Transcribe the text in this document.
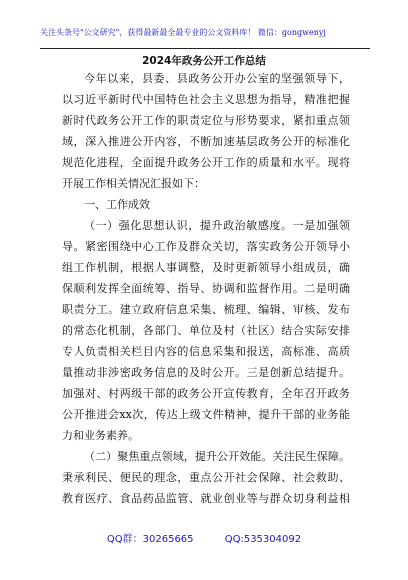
关注头条号"公文研究"，获得最新最全最专业的公文资料库！ 微信：gongwenyj
2024年政务公开工作总结
今年以来，县委、县政务公开办公室的坚强领导下，
以习近平新时代中国特色社会主义思想为指导，精准把握
新时代政务公开工作的职责定位与形势要求，紧扣重点领
域，深入推进公开内容，不断加速基层政务公开的标准化
规范化进程，全面提升政务公开工作的质量和水平。现将
开展工作相关情况汇报如下：
一、工作成效
（一）强化思想认识，提升政治敏感度。一是加强领
导。紧密围绕中心工作及群众关切，落实政务公开领导小
组工作机制，根据人事调整，及时更新领导小组成员，确
保顺利发挥全面统筹、指导、协调和监督作用。二是明确
职责分工。建立政府信息采集、梳理、编辑、审核、发布
的常态化机制，各部门、单位及村（社区）结合实际安排
专人负责相关栏目内容的信息采集和报送，高标准、高质
量推动非涉密政务信息的及时公开。三是创新总结提升。
加强对、村两级干部的政务公开宣传教育，全年召开政务
公开推进会xx次，传达上级文件精神，提升干部的业务能
力和业务素养。
（二）聚焦重点领域，提升公开效能。关注民生保障。
秉承利民、便民的理念，重点公开社会保障、社会救助、
教育医疗、食品药品监管、就业创业等与群众切身利益相
QQ群：30265665	QQ:535304092
